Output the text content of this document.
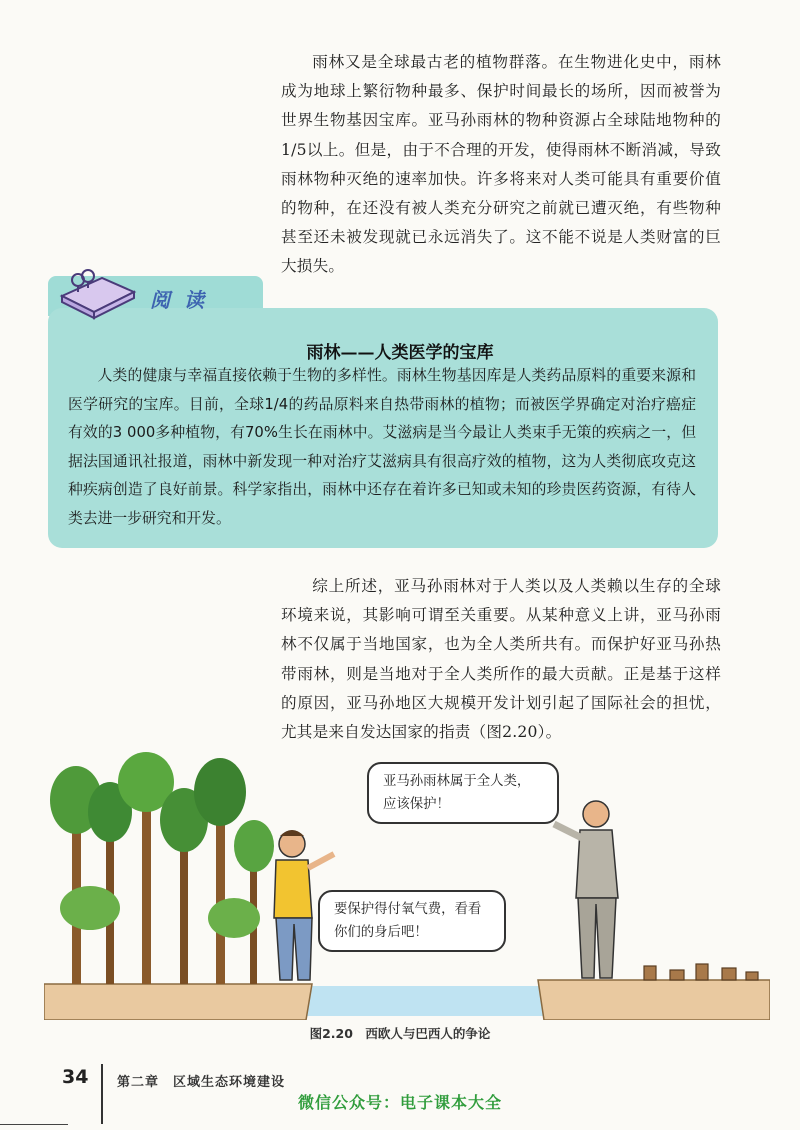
雨林又是全球最古老的植物群落。在生物进化史中，雨林成为地球上繁衍物种最多、保护时间最长的场所，因而被誉为世界生物基因宝库。亚马孙雨林的物种资源占全球陆地物种的1/5以上。但是，由于不合理的开发，使得雨林不断消减，导致雨林物种灭绝的速率加快。许多将来对人类可能具有重要价值的物种，在还没有被人类充分研究之前就已遭灭绝，有些物种甚至还未被发现就已永远消失了。这不能不说是人类财富的巨大损失。

阅读
雨林——人类医学的宝库

人类的健康与幸福直接依赖于生物的多样性。雨林生物基因库是人类药品原料的重要来源和医学研究的宝库。目前，全球1/4的药品原料来自热带雨林的植物；而被医学界确定对治疗癌症有效的3 000多种植物，有70%生长在雨林中。艾滋病是当今最让人类束手无策的疾病之一，但据法国通讯社报道，雨林中新发现一种对治疗艾滋病具有很高疗效的植物，这为人类彻底攻克这种疾病创造了良好前景。科学家指出，雨林中还存在着许多已知或未知的珍贵医药资源，有待人类去进一步研究和开发。

综上所述，亚马孙雨林对于人类以及人类赖以生存的全球环境来说，其影响可谓至关重要。从某种意义上讲，亚马孙雨林不仅属于当地国家，也为全人类所共有。而保护好亚马孙热带雨林，则是当地对于全人类所作的最大贡献。正是基于这样的原因，亚马孙地区大规模开发计划引起了国际社会的担忧，尤其是来自发达国家的指责（图2.20）。

亚马孙雨林属于全人类，应该保护！
要保护得付氧气费，看看你们的身后吧！
图2.20　西欧人与巴西人的争论
34 第二章　区域生态环境建设
微信公众号：电子课本大全
